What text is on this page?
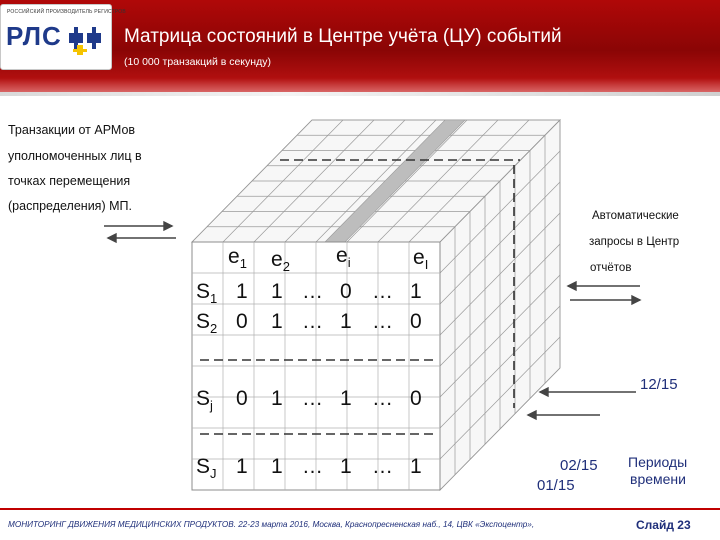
РОССИЙСКИЙ ПРОИЗВОДИТЕЛЬ РЕГИСТРОВ
РЛС	Матрица состояний в Центре учёта (ЦУ) событий
(10 000 транзакций в секунду)
Транзакции от АРМов
уполномоченных лиц в
точках перемещения
(распределения) МП.
Автоматические
запросы в Центр
отчётов
$e_1$ $e_2$ $e_i$	$e_I$
$S_1$ 1 1 … 0 … 1
$S_2$ 0 1 … 1 … 0
$S_j$ 0 1 … 1 … 0
$S_J$ 1 1 … 1 … 1
12/15
02/15
01/15
Периоды
времени
МОНИТОРИНГ ДВИЖЕНИЯ МЕДИЦИНСКИХ ПРОДУКТОВ. 22-23 марта 2016, Москва, Краснопресненская наб., 14, ЦВК «Экспоцентр»,	Слайд 23
